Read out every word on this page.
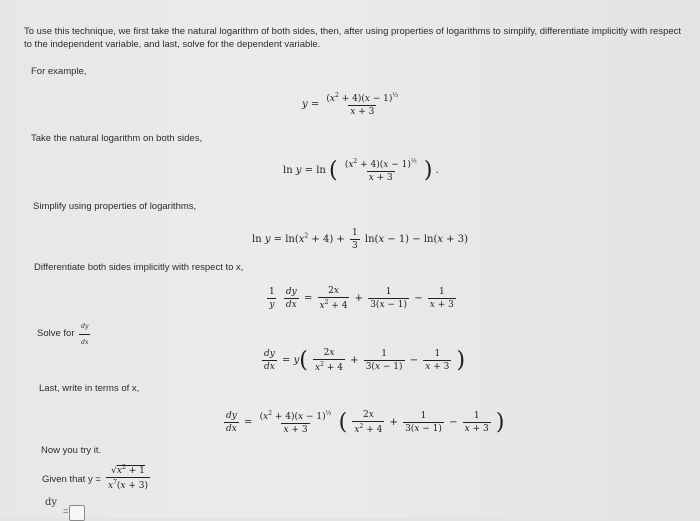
To use this technique, we first take the natural logarithm of both sides, then, after using properties of logarithms to simplify, differentiate implicitly with respect to the independent variable, and last, solve for the dependent variable.
For example,
$y = \frac{(x^2 + 4)(x - 1)^{\frac{1}{3}}}{x + 3}$
Take the natural logarithm on both sides,
ln y = ln ( $\frac{(x^2 + 4)(x - 1)^{\frac{1}{3}}}{x + 3}$ ) .
Simplify using properties of logarithms,
$\ln y = \ln(x^2 + 4) + \frac{1}{3} \ln(x - 1) - \ln(x + 3)$
Differentiate both sides implicitly with respect to x,
$\frac{1}{y}$
$\frac{dy}{dx} = \frac{2x}{x^2 + 4} + \frac{1}{3(x - 1)} - \frac{1}{x + 3}$
Solve for $\frac{dy}{dx}$
$\frac{dy}{dx} = y( \frac{2x}{x^2 + 4} + \frac{1}{3(x - 1)} - \frac{1}{x + 3}$ )
Last, write in terms of x,
$\frac{dy}{dx} = \frac{(x^2 + 4)(x - 1)^{\frac{1}{3}}}{x + 3}$ ( $\frac{2x}{x^2 + 4} + \frac{1}{3(x - 1)} - \frac{1}{x + 3}$ )
Now you try it.
Given that $y = \frac{√x^2 + 1}{x^7(x + 3)}$
dy
=
